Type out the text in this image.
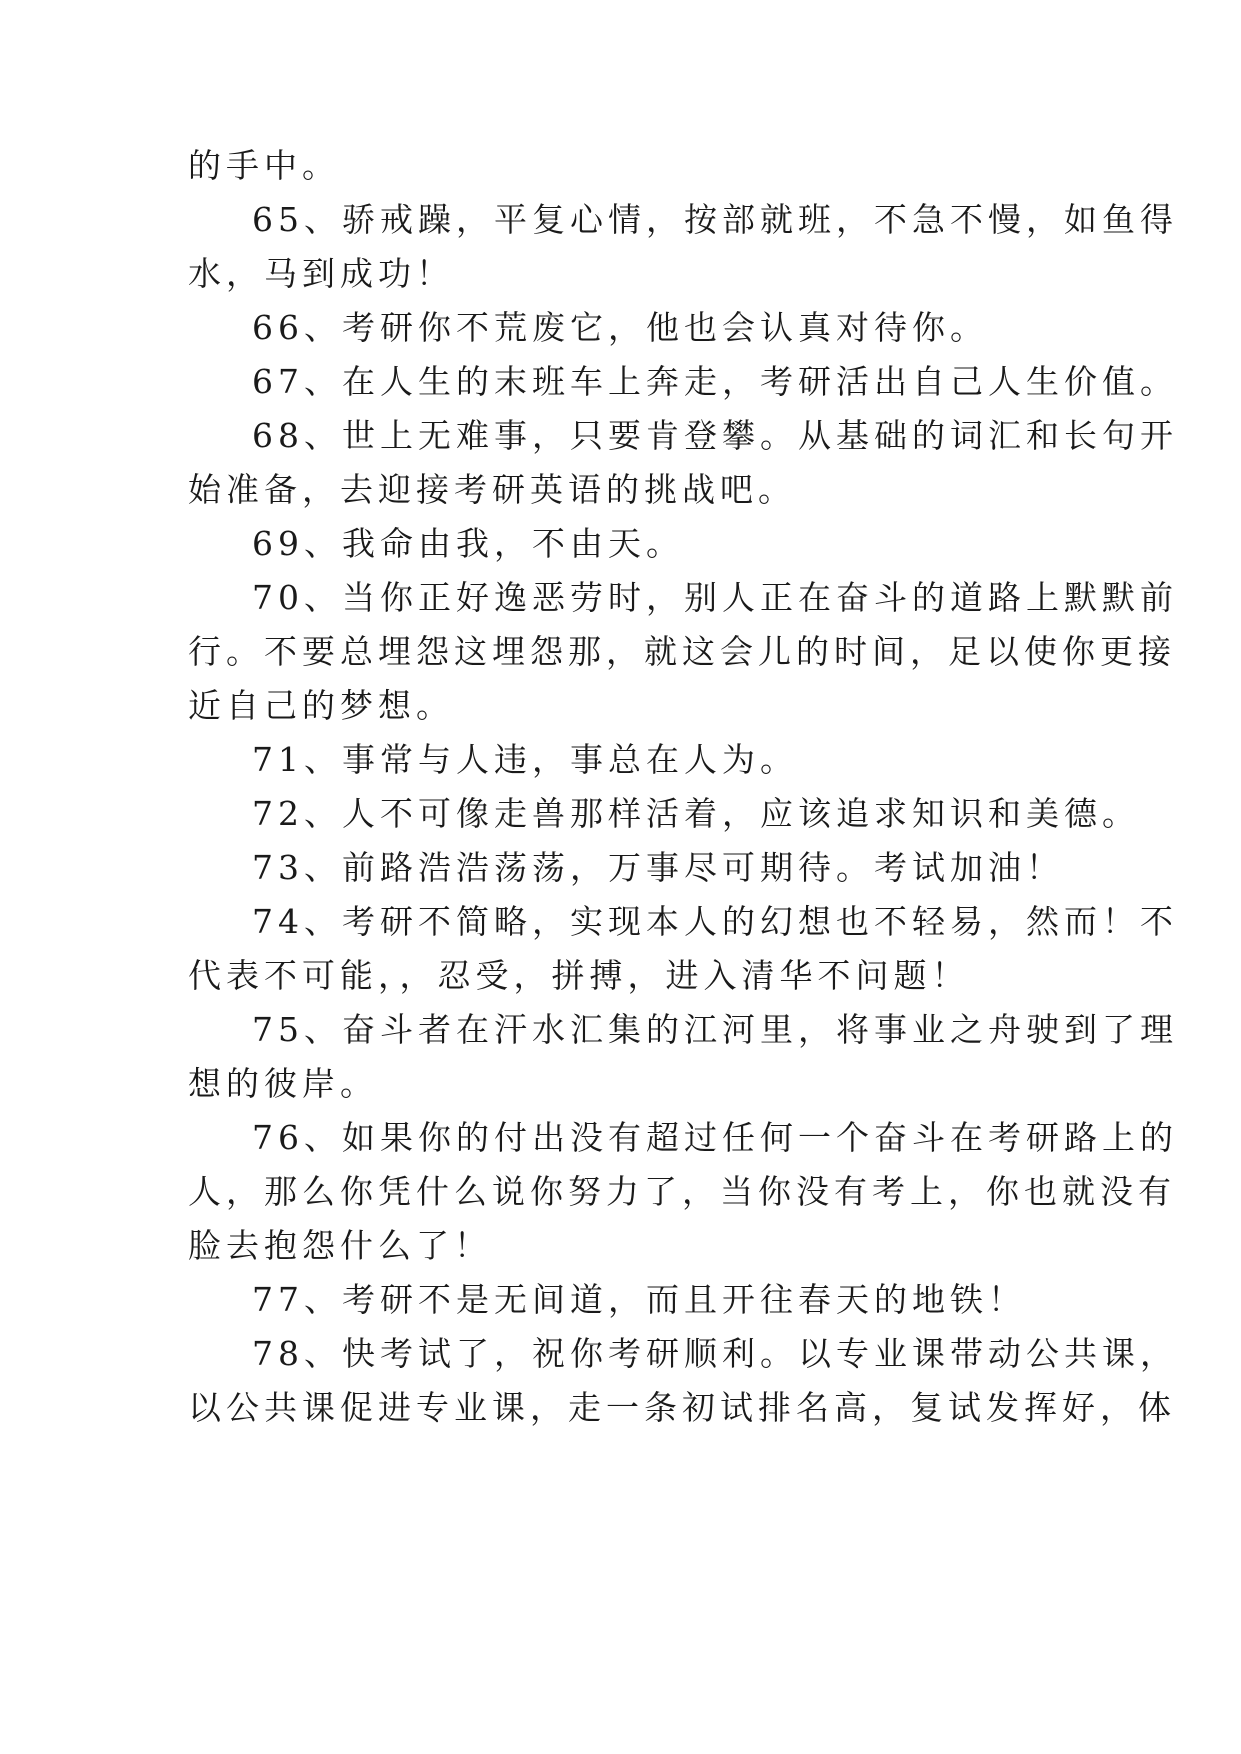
的手中。
65、骄戒躁，平复心情，按部就班，不急不慢，如鱼得
水，马到成功！
66、考研你不荒废它，他也会认真对待你。
67、在人生的末班车上奔走，考研活出自己人生价值。
68、世上无难事，只要肯登攀。从基础的词汇和长句开
始准备，去迎接考研英语的挑战吧。
69、我命由我，不由天。
70、当你正好逸恶劳时，别人正在奋斗的道路上默默前
行。不要总埋怨这埋怨那，就这会儿的时间，足以使你更接
近自己的梦想。
71、事常与人违，事总在人为。
72、人不可像走兽那样活着，应该追求知识和美德。
73、前路浩浩荡荡，万事尽可期待。考试加油！
74、考研不简略，实现本人的幻想也不轻易，然而！不
代表不可能，，忍受，拼搏，进入清华不问题！
75、奋斗者在汗水汇集的江河里，将事业之舟驶到了理
想的彼岸。
76、如果你的付出没有超过任何一个奋斗在考研路上的
人，那么你凭什么说你努力了，当你没有考上，你也就没有
脸去抱怨什么了！
77、考研不是无间道，而且开往春天的地铁！
78、快考试了，祝你考研顺利。以专业课带动公共课，
以公共课促进专业课，走一条初试排名高，复试发挥好，体
